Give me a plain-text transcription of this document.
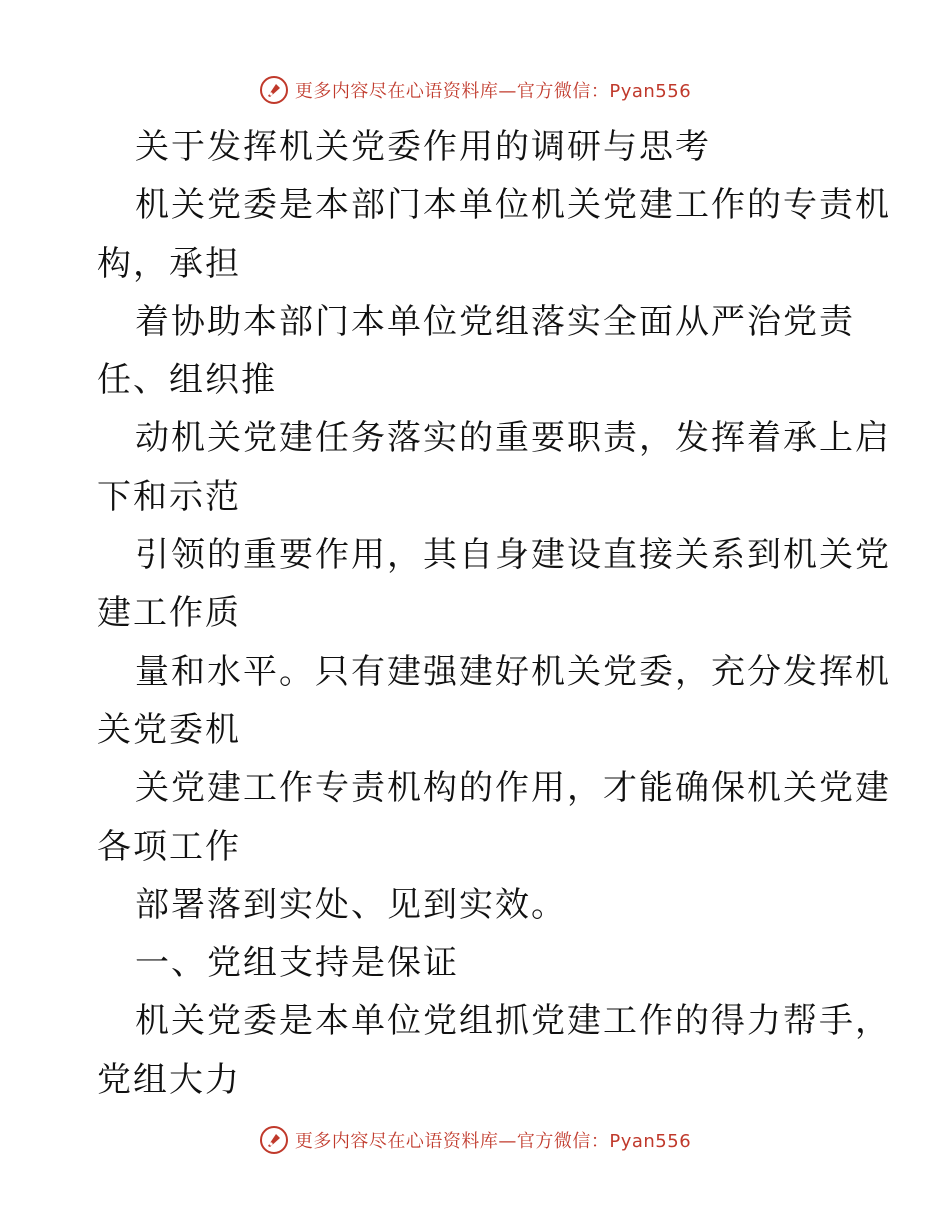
更多内容尽在心语资料库—官方微信：Pyan556
关于发挥机关党委作用的调研与思考
机关党委是本部门本单位机关党建工作的专责机
构，承担
着协助本部门本单位党组落实全面从严治党责
任、组织推
动机关党建任务落实的重要职责，发挥着承上启
下和示范
引领的重要作用，其自身建设直接关系到机关党
建工作质
量和水平。只有建强建好机关党委，充分发挥机
关党委机
关党建工作专责机构的作用，才能确保机关党建
各项工作
部署落到实处、见到实效。
一、党组支持是保证
机关党委是本单位党组抓党建工作的得力帮手，
党组大力
更多内容尽在心语资料库—官方微信：Pyan556
